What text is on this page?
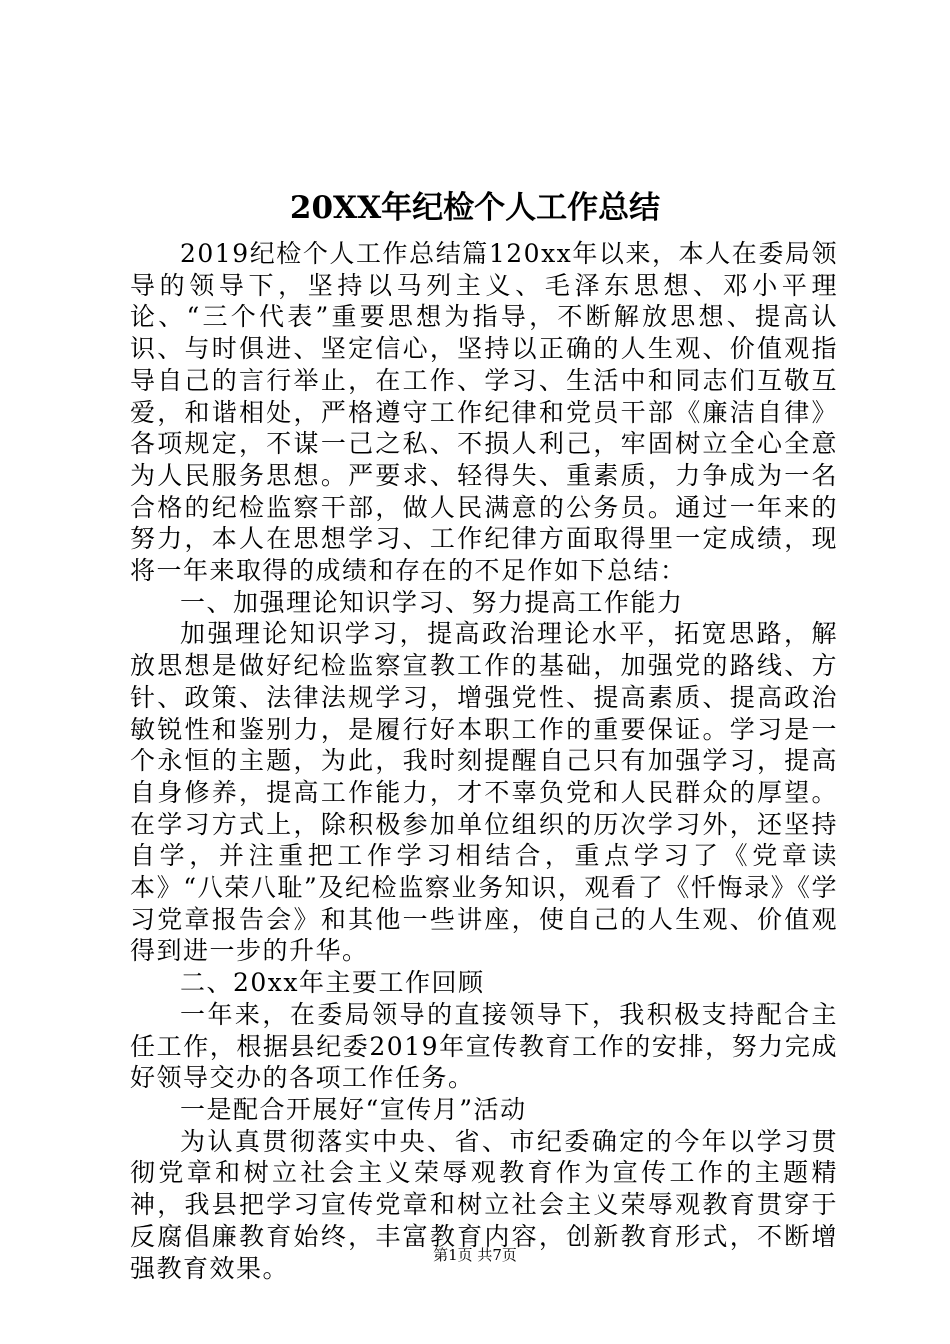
20XX年纪检个人工作总结

2019纪检个人工作总结篇120xx年以来，本人在委局领导的领导下，坚持以马列主义、毛泽东思想、邓小平理论、“三个代表”重要思想为指导，不断解放思想、提高认识、与时俱进、坚定信心，坚持以正确的人生观、价值观指导自己的言行举止，在工作、学习、生活中和同志们互敬互爱，和谐相处，严格遵守工作纪律和党员干部《廉洁自律》各项规定，不谋一己之私、不损人利己，牢固树立全心全意为人民服务思想。严要求、轻得失、重素质，力争成为一名合格的纪检监察干部，做人民满意的公务员。通过一年来的努力，本人在思想学习、工作纪律方面取得里一定成绩，现将一年来取得的成绩和存在的不足作如下总结：

一、加强理论知识学习、努力提高工作能力

加强理论知识学习，提高政治理论水平，拓宽思路，解放思想是做好纪检监察宣教工作的基础，加强党的路线、方针、政策、法律法规学习，增强党性、提高素质、提高政治敏锐性和鉴别力，是履行好本职工作的重要保证。学习是一个永恒的主题，为此，我时刻提醒自己只有加强学习，提高自身修养，提高工作能力，才不辜负党和人民群众的厚望。在学习方式上，除积极参加单位组织的历次学习外，还坚持自学，并注重把工作学习相结合，重点学习了《党章读本》“八荣八耻”及纪检监察业务知识，观看了《忏悔录》《学习党章报告会》和其他一些讲座，使自己的人生观、价值观得到进一步的升华。

二、20xx年主要工作回顾

一年来，在委局领导的直接领导下，我积极支持配合主任工作，根据县纪委2019年宣传教育工作的安排，努力完成好领导交办的各项工作任务。

一是配合开展好“宣传月”活动

为认真贯彻落实中央、省、市纪委确定的今年以学习贯彻党章和树立社会主义荣辱观教育作为宣传工作的主题精神，我县把学习宣传党章和树立社会主义荣辱观教育贯穿于反腐倡廉教育始终，丰富教育内容，创新教育形式，不断增强教育效果。	第1页 共7页
